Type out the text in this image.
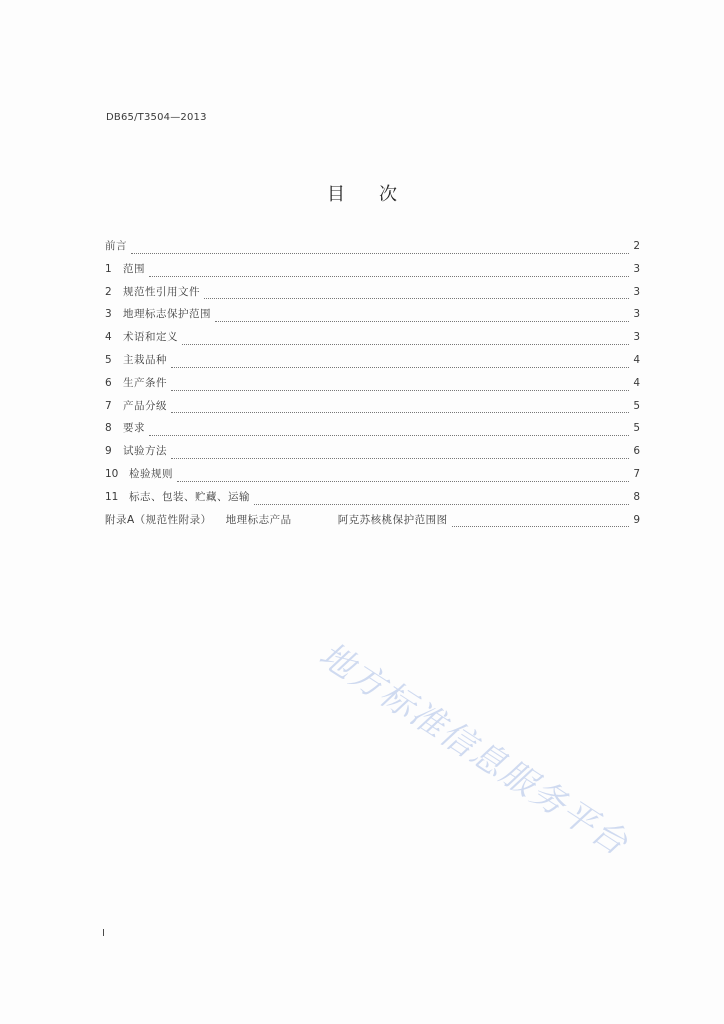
DB65/T3504—2013
目 次
前言	2
1	范围	3
2	规范性引用文件	3
3	地理标志保护范围	3
4	术语和定义	3
5	主栽品种	4
6	生产条件	4
7	产品分级	5
8	要求	5
9	试验方法	6
10	检验规则	7
11	标志、包装、贮藏、运输	8
附录A（规范性附录） 地理标志产品	阿克苏核桃保护范围图	9
地方标准信息服务平台
I
